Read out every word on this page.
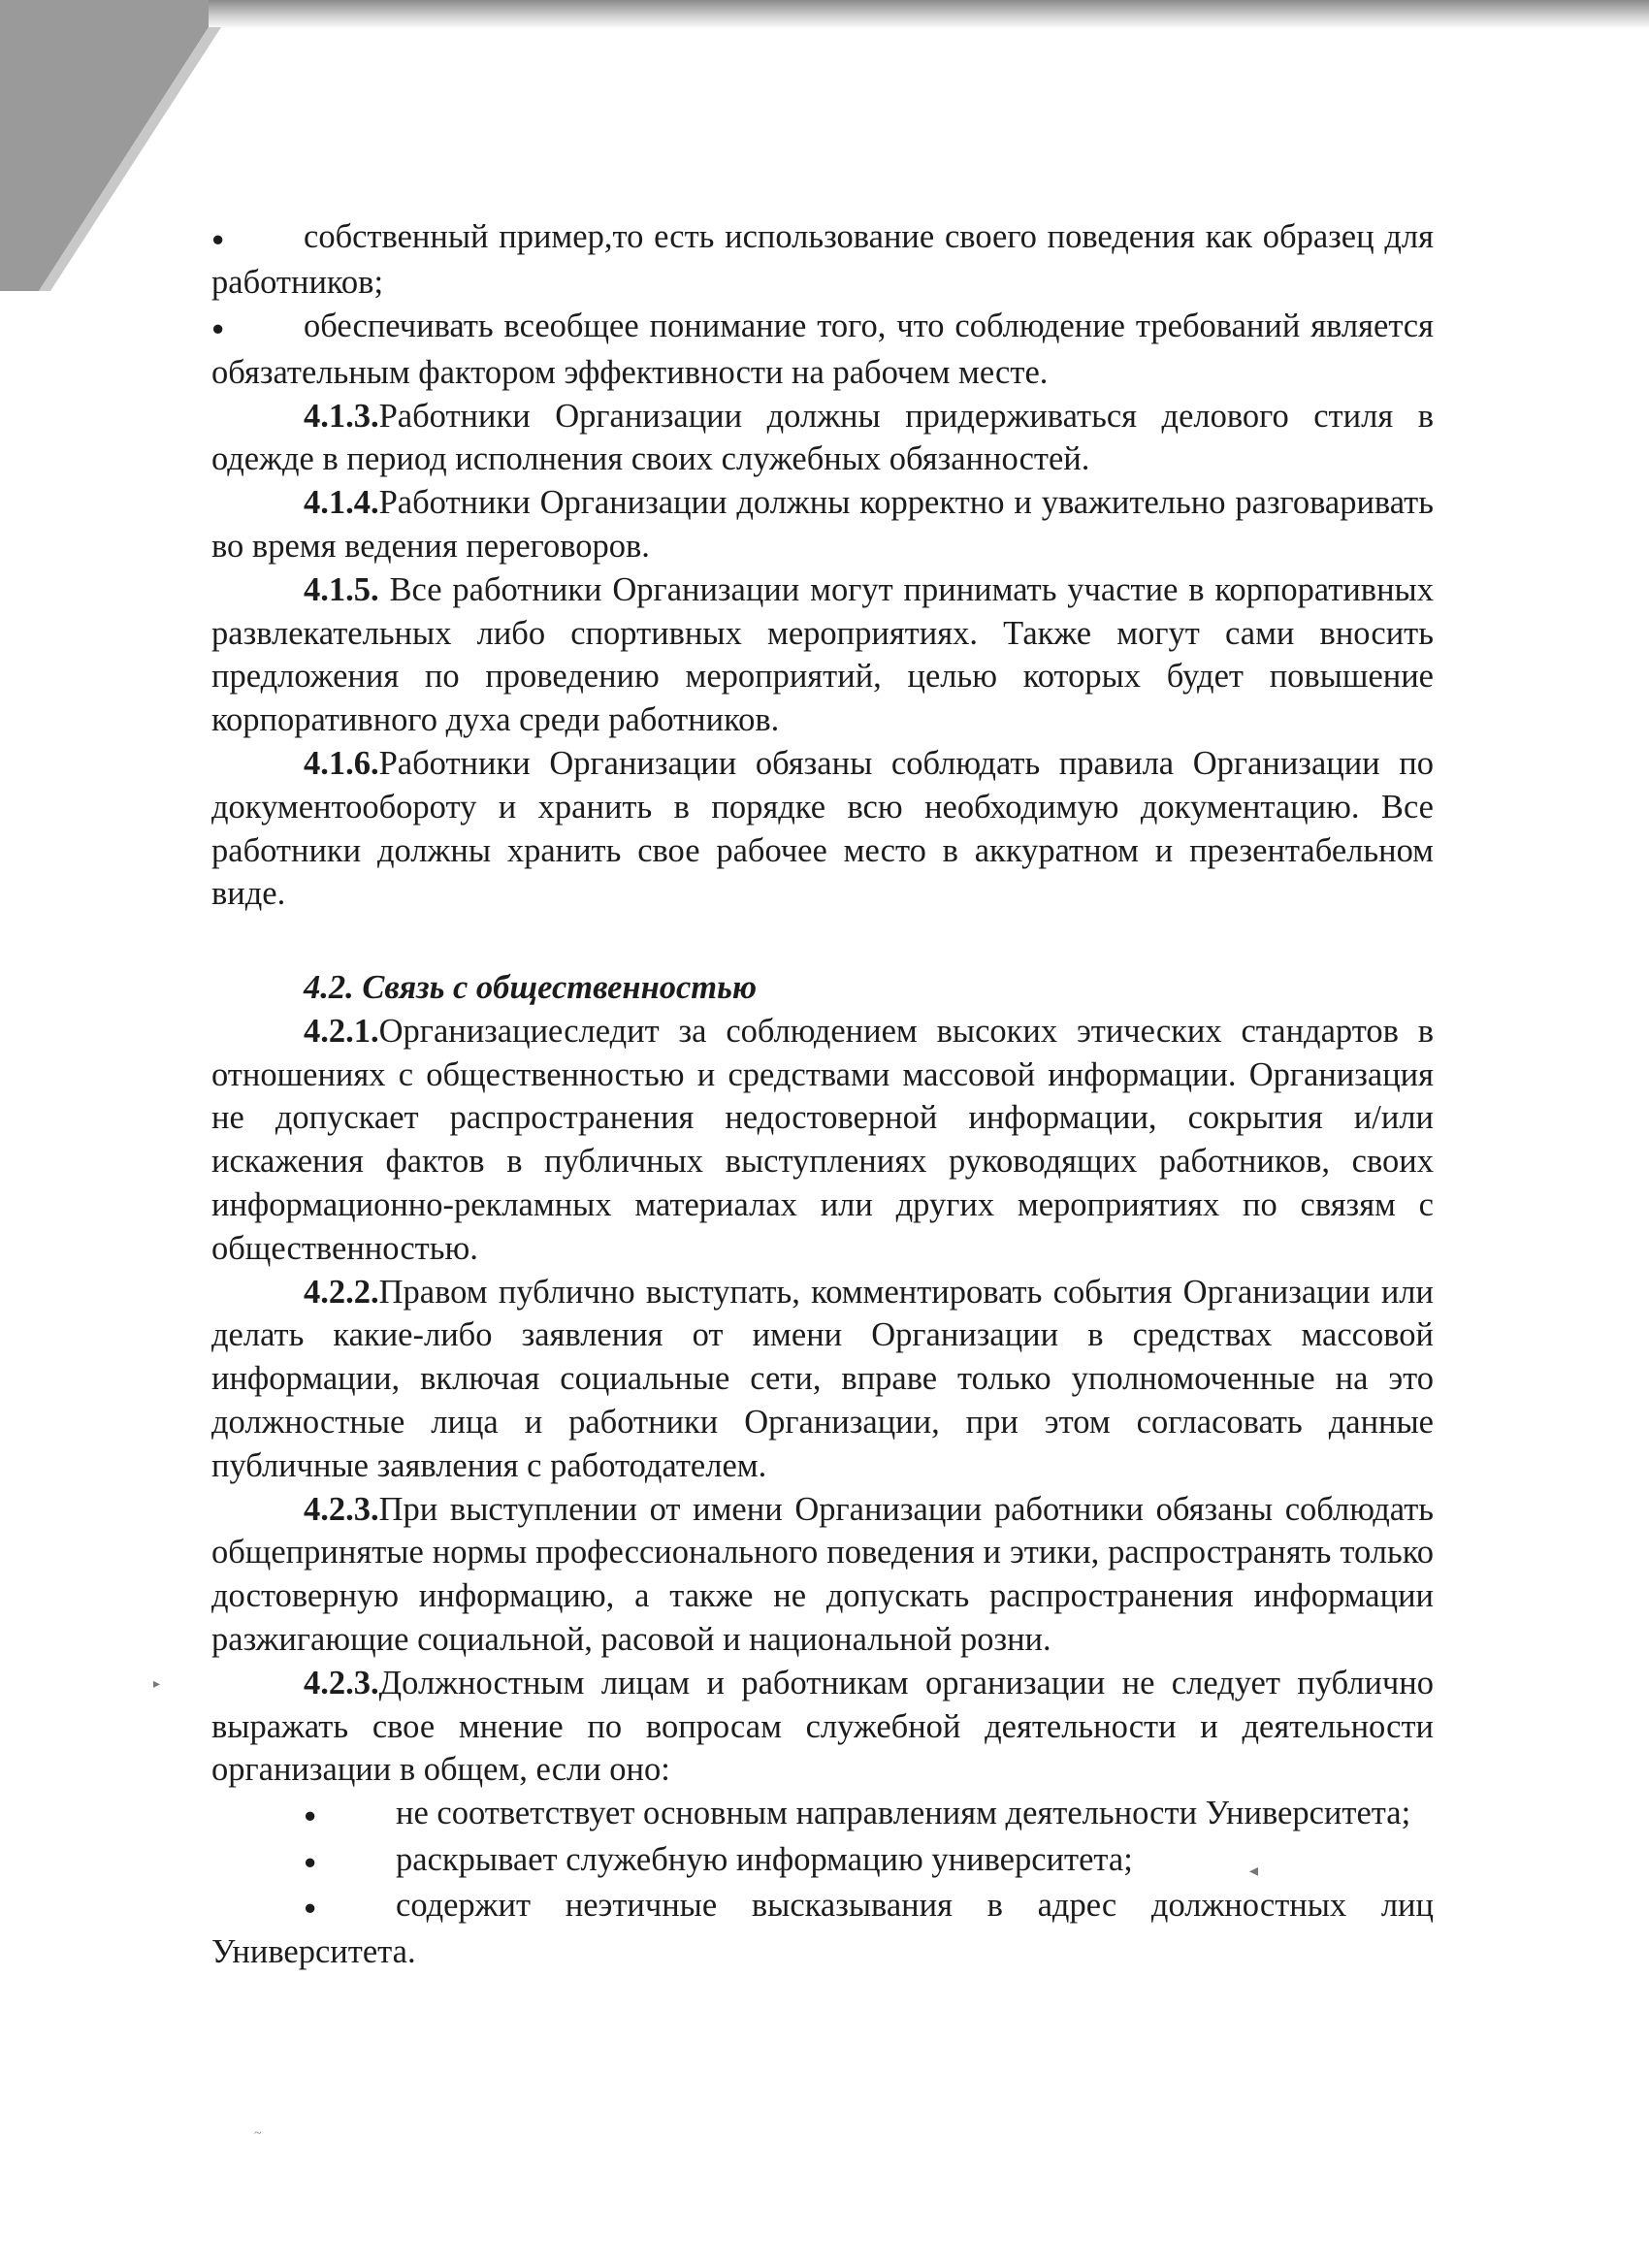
◂
▸
~

● собственный пример,то есть использование своего поведения как образец для работников;

● обеспечивать всеобщее понимание того, что соблюдение требований является обязательным фактором эффективности на рабочем месте.

4.1.3.Работники Организации должны придерживаться делового стиля в одежде в период исполнения своих служебных обязанностей.

4.1.4.Работники Организации должны корректно и уважительно разговаривать во время ведения переговоров.

4.1.5. Все работники Организации могут принимать участие в корпоративных развлекательных либо спортивных мероприятиях. Также могут сами вносить предложения по проведению мероприятий, целью которых будет повышение корпоративного духа среди работников.

4.1.6.Работники Организации обязаны соблюдать правила Организации по документообороту и хранить в порядке всю необходимую документацию. Все работники должны хранить свое рабочее место в аккуратном и презентабельном виде.

4.2. Связь с общественностью

4.2.1.Организациеследит за соблюдением высоких этических стандартов в отношениях с общественностью и средствами массовой информации. Организация не допускает распространения недостоверной информации, сокрытия и/или искажения фактов в публичных выступлениях руководящих работников, своих информационно-рекламных материалах или других мероприятиях по связям с общественностью.

4.2.2.Правом публично выступать, комментировать события Организации или делать какие-либо заявления от имени Организации в средствах массовой информации, включая социальные сети, вправе только уполномоченные на это должностные лица и работники Организации, при этом согласовать данные публичные заявления с работодателем.

4.2.3.При выступлении от имени Организации работники обязаны соблюдать общепринятые нормы профессионального поведения и этики, распространять только достоверную информацию, а также не допускать распространения информации разжигающие социальной, расовой и национальной розни.

4.2.3.Должностным лицам и работникам организации не следует публично выражать свое мнение по вопросам служебной деятельности и деятельности организации в общем, если оно:

● не соответствует основным направлениям деятельности Университета;

● раскрывает служебную информацию университета;

● содержит неэтичные высказывания в адрес должностных лиц Университета.
